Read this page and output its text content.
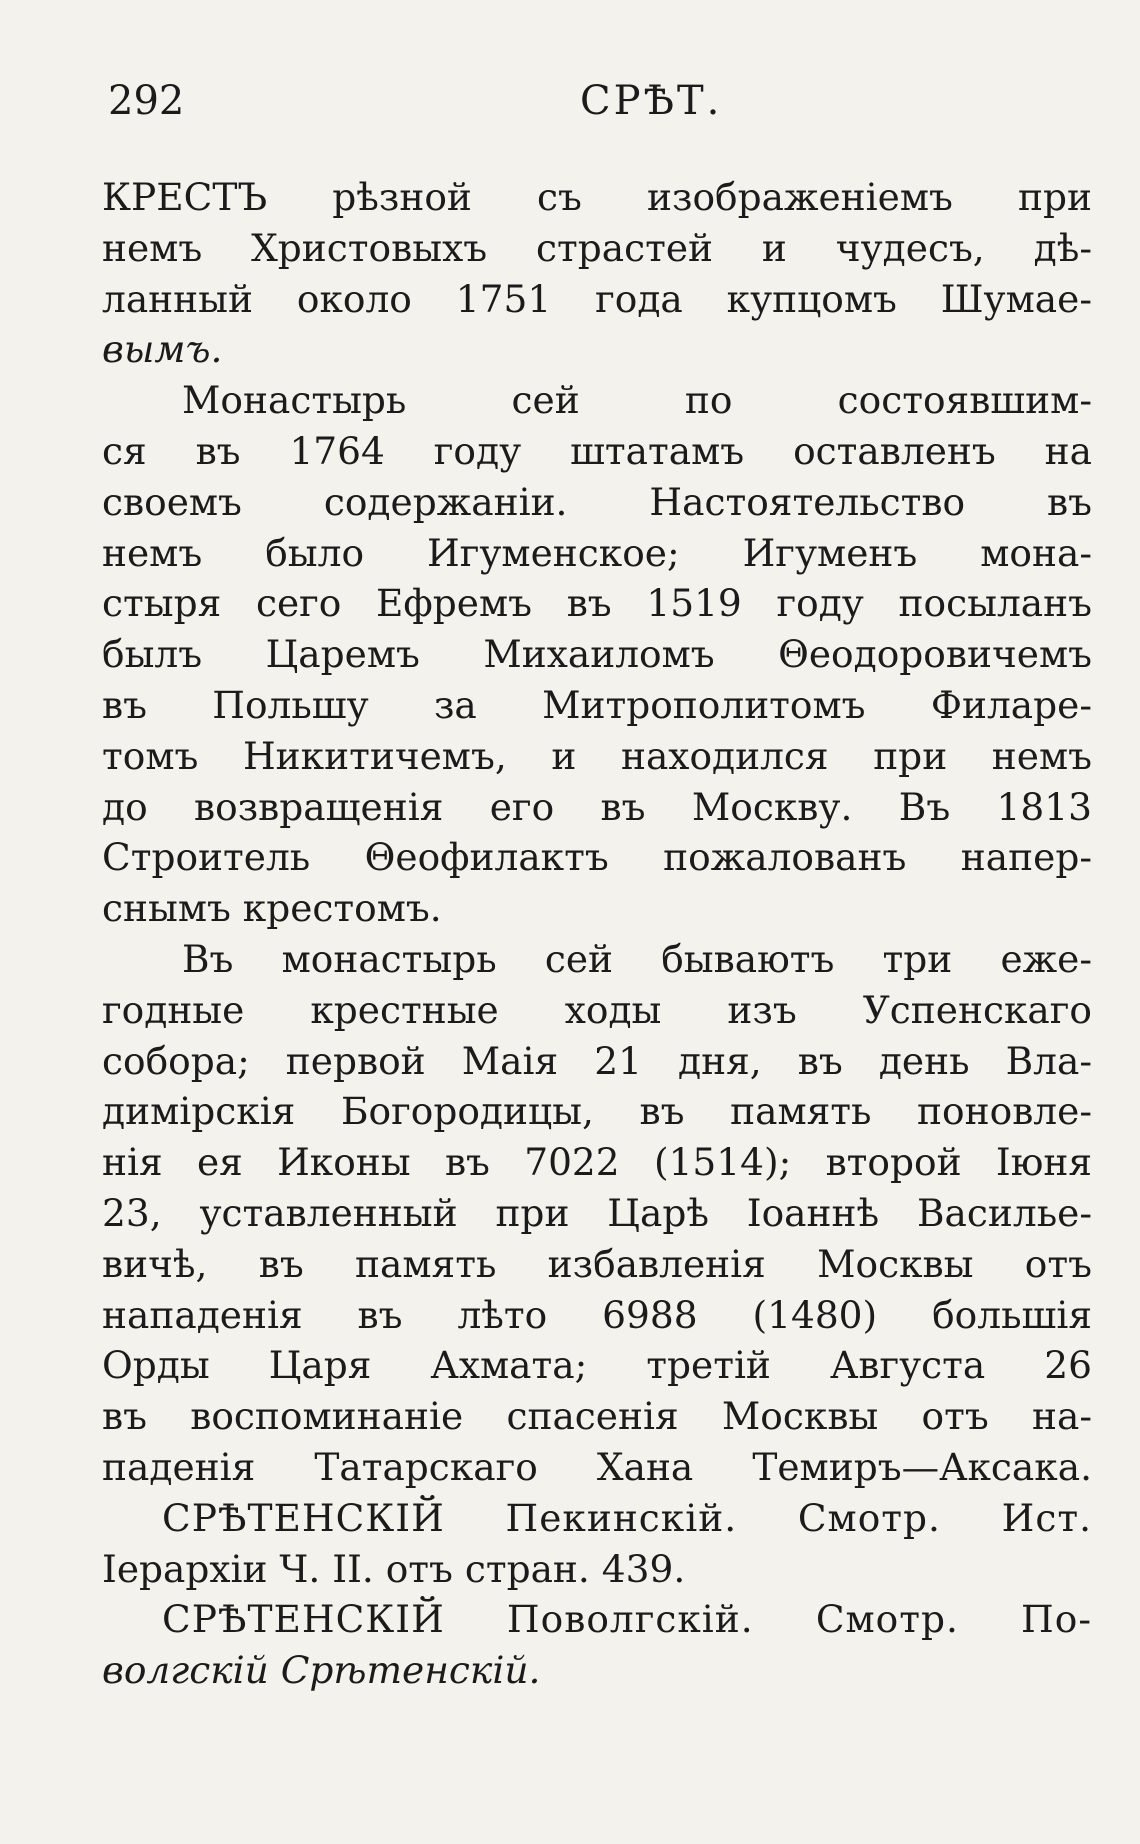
292	СРѢТ.
КРЕСТЪ рѣзной съ изображенiемъ при
немъ Христовыхъ страстей и чудесъ, дѣ-
ланный около 1751 года купцомъ Шумае-
вымъ.
Монастырь сей по состоявшим-
ся въ 1764 году штатамъ оставленъ на
своемъ содержанiи. Настоятельство въ
немъ было Игуменское; Игуменъ мона-
стыря сего Ефремъ въ 1519 году посыланъ
былъ Царемъ Михаиломъ Θеодоровичемъ
въ Польшу за Митрополитомъ Филаре-
томъ Никитичемъ, и находился при немъ
до возвращенiя его въ Москву. Въ 1813
Строитель Θеофилактъ пожалованъ напер-
снымъ крестомъ.
Въ монастырь сей бываютъ три еже-
годные крестные ходы изъ Успенскаго
собора; первой Маiя 21 дня, въ день Вла-
димiрскiя Богородицы, въ память поновле-
нiя ея Иконы въ 7022 (1514); второй Iюня
23, уставленный при Царѣ Iоаннѣ Васильe-
вичѣ, въ память избавленiя Москвы отъ
нападенiя въ лѣто 6988 (1480) большiя
Орды Царя Ахмата; третiй Августа 26
въ воспоминанiе спасенiя Москвы отъ на-
паденiя Татарскаго Хана Темиръ—Аксака.
СРѢТЕНСКIЙ Пекинскiй. Смотр. Ист.
Iерархiи Ч. II. отъ стран. 439.
СРѢТЕНСКIЙ Поволгскiй. Смотр. По-
волгскiй Срѣтенскiй.
